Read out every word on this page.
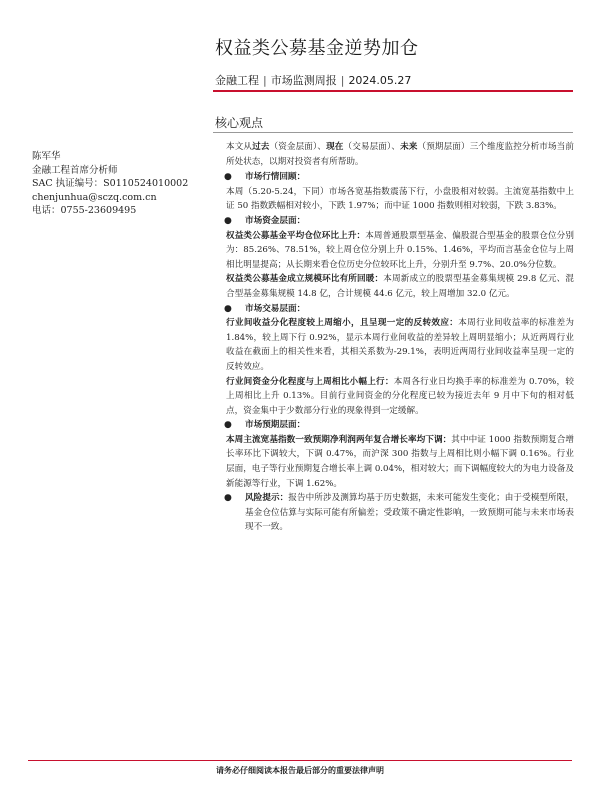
权益类公募基金逆势加仓
金融工程 | 市场监测周报 | 2024.05.27
核心观点
陈军华
金融工程首席分析师
SAC 执证编号：S0110524010002
chenjunhua@sczq.com.cn
电话：0755-23609495

本文从过去（资金层面）、现在（交易层面）、未来（预期层面）三个维度监控分析市场当前所处状态，以期对投资者有所帮助。

● 市场行情回顾：

本周（5.20-5.24，下同）市场各宽基指数震荡下行，小盘股相对较弱。主流宽基指数中上证 50 指数跌幅相对较小，下跌 1.97%；而中证 1000 指数则相对较弱，下跌 3.83%。

● 市场资金层面：

权益类公募基金平均仓位环比上升：本周普通股票型基金、偏股混合型基金的股票仓位分别为：85.26%、78.51%，较上周仓位分别上升 0.15%、1.46%，平均而言基金仓位与上周相比明显提高；从长期来看仓位历史分位较环比上升，分别升至 9.7%、20.0%分位数。

权益类公募基金成立规模环比有所回暖：本周新成立的股票型基金募集规模 29.8 亿元、混合型基金募集规模 14.8 亿，合计规模 44.6 亿元，较上周增加 32.0 亿元。

● 市场交易层面：

行业间收益分化程度较上周缩小，且呈现一定的反转效应：本周行业间收益率的标准差为 1.84%，较上周下行 0.92%，显示本周行业间收益的差异较上周明显缩小；从近两周行业收益在截面上的相关性来看，其相关系数为-29.1%，表明近两周行业间收益率呈现一定的反转效应。

行业间资金分化程度与上周相比小幅上行：本周各行业日均换手率的标准差为 0.70%，较上周相比上升 0.13%。目前行业间资金的分化程度已较为接近去年 9 月中下旬的相对低点，资金集中于少数部分行业的现象得到一定缓解。

● 市场预期层面：

本周主流宽基指数一致预期净利润两年复合增长率均下调：其中中证 1000 指数预期复合增长率环比下调较大，下调 0.47%，而沪深 300 指数与上周相比则小幅下调 0.16%。行业层面，电子等行业预期复合增长率上调 0.04%，相对较大；而下调幅度较大的为电力设备及新能源等行业，下调 1.62%。

● 风险提示：报告中所涉及测算均基于历史数据，未来可能发生变化；由于受模型所限，基金仓位估算与实际可能有所偏差；受政策不确定性影响，一致预期可能与未来市场表现不一致。

请务必仔细阅读本报告最后部分的重要法律声明
